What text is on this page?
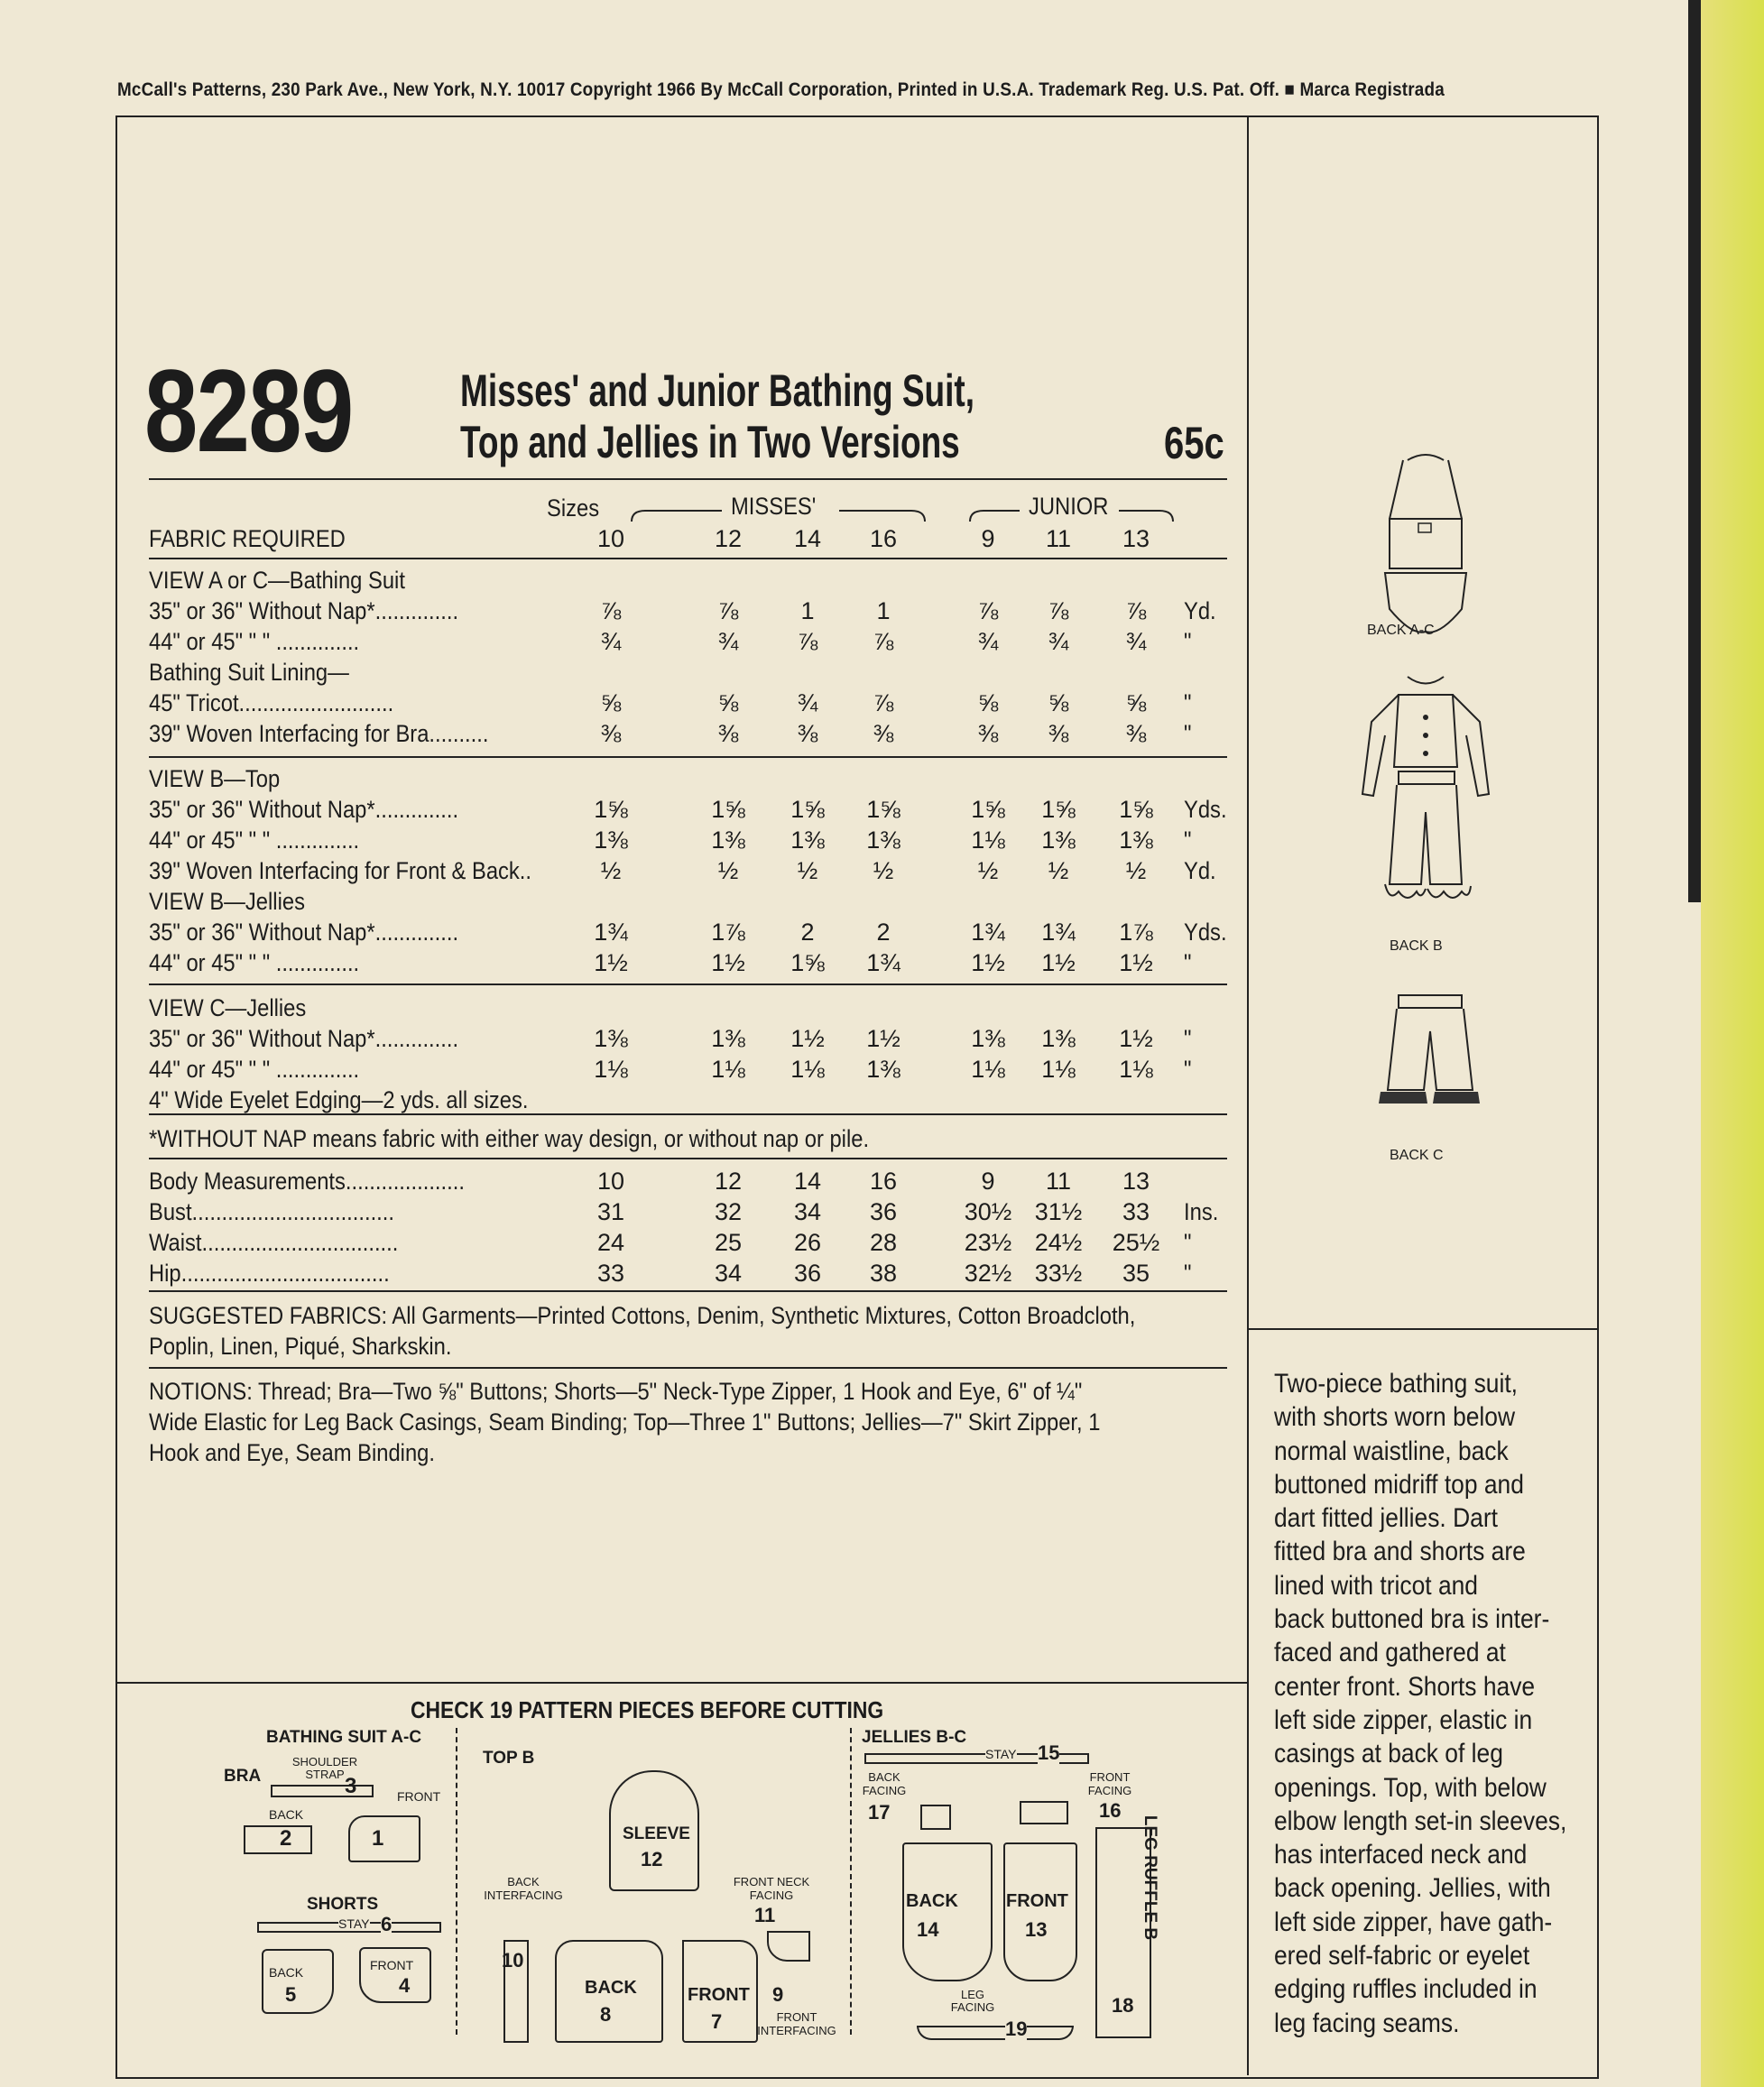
McCall's Patterns, 230 Park Ave., New York, N.Y. 10017 Copyright 1966 By McCall Corporation, Printed in U.S.A. Trademark Reg. U.S. Pat. Off. ■ Marca Registrada
8289 Misses' and Junior Bathing Suit,
Top and Jellies in Two Versions	65c
Sizes	MISSES'	JUNIOR
FABRIC REQUIRED	10	12	14	16	9	11	13
VIEW A or C—Bathing Suit
35" or 36" Without Nap*..............	⅞	⅞	1	1	⅞	⅞	⅞	Yd.
44" or 45" " " ..............	¾	¾	⅞	⅞	¾	¾	¾	"
Bathing Suit Lining—
45" Tricot..........................	⅝	⅝	¾	⅞	⅝	⅝	⅝	"
39" Woven Interfacing for Bra..........	⅜	⅜	⅜	⅜	⅜	⅜	⅜	"
VIEW B—Top
35" or 36" Without Nap*..............	1⅝	1⅝	1⅝	1⅝	1⅝	1⅝	1⅝	Yds.
44" or 45" " " ..............	1⅜	1⅜	1⅜	1⅜	1⅛	1⅜	1⅜	"
39" Woven Interfacing for Front & Back..	½	½	½	½	½	½	½	Yd.
VIEW B—Jellies
35" or 36" Without Nap*..............	1¾	1⅞	2	2	1¾	1¾	1⅞	Yds.
44" or 45" " " ..............	1½	1½	1⅝	1¾	1½	1½	1½	"
VIEW C—Jellies
35" or 36" Without Nap*..............	1⅜	1⅜	1½	1½	1⅜	1⅜	1½	"
44" or 45" " " ..............	1⅛	1⅛	1⅛	1⅜	1⅛	1⅛	1⅛	"
4" Wide Eyelet Edging—2 yds. all sizes.
*WITHOUT NAP means fabric with either way design, or without nap or pile.
Body Measurements....................	10	12	14	16	9	11	13
Bust..................................	31	32	34	36	30½ 31½	33	Ins.
Waist.................................	24	25	26	28	23½ 24½	25½ "
Hip...................................	33	34	36	38	32½ 33½	35	"
SUGGESTED FABRICS: All Garments—Printed Cottons, Denim, Synthetic Mixtures, Cotton Broadcloth,
Poplin, Linen, Piqué, Sharkskin.
NOTIONS: Thread; Bra—Two ⅝" Buttons; Shorts—5" Neck-Type Zipper, 1 Hook and Eye, 6" of ¼"
Wide Elastic for Leg Back Casings, Seam Binding; Top—Three 1" Buttons; Jellies—7" Skirt Zipper, 1
Hook and Eye, Seam Binding.
BACK A-C
BACK B
BACK C
Two-piece bathing suit,
with shorts worn below
normal waistline, back
buttoned midriff top and
dart fitted jellies. Dart
fitted bra and shorts are
lined with tricot and
back buttoned bra is inter-
faced and gathered at
center front. Shorts have
left side zipper, elastic in
casings at back of leg
openings. Top, with below
elbow length set-in sleeves,
has interfaced neck and
back opening. Jellies, with
left side zipper, have gath-
ered self-fabric or eyelet
edging ruffles included in
leg facing seams.
CHECK 19 PATTERN PIECES BEFORE CUTTING
BATHING SUIT A-C
BRA
SHOULDER STRAP 3	FRONT
BACK
2	1
SHORTS
STAY 6
BACK
5
FRONT
4
TOP B
SLEEVE
12
BACK INTERFACING
10
BACK
8
FRONT NECK FACING
11
FRONT
7
9
FRONT INTERFACING
JELLIES B-C
STAY 15
BACK FACING
17
FRONT FACING
16
BACK
14
FRONT
13	LEG RUFFLE B
18
LEG FACING
19
